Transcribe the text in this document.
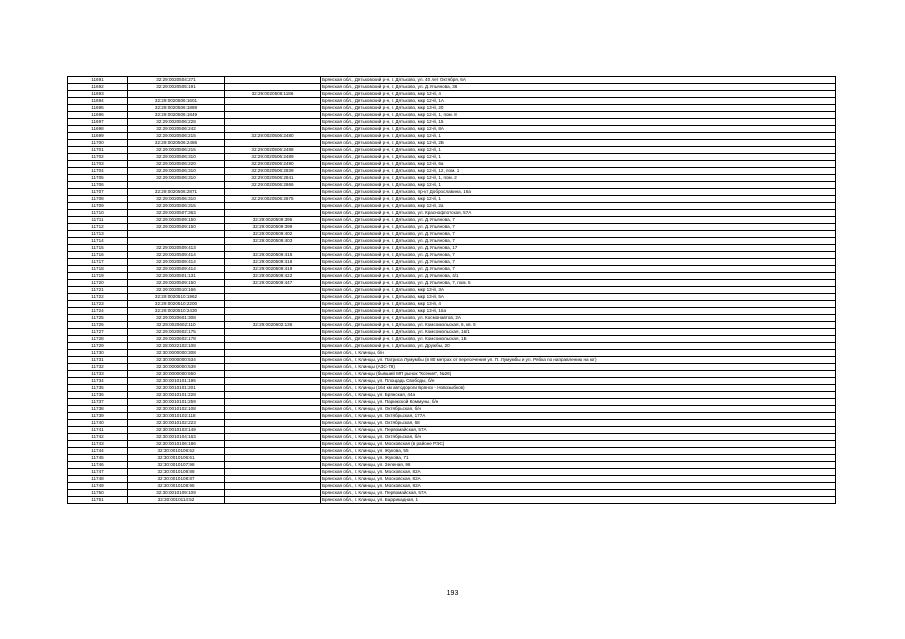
11691	32:29:0020504:271		Брянская обл., Дятьковский р-н, г. Дятьково, ул. 40 лет Октября, 6А
11692	32:29:0020505:191		Брянская обл., Дятьковский р-н, г. Дятьково, ул. Д.Ульянова, 36
11693		32:29:0020506:1186	Брянская обл., Дятьковский р-н, г. Дятьково, мкр 12-й, 4
11694	32:29:0020506:1601		Брянская обл., Дятьковский р-н, г. Дятьково, мкр 12-й, 1А
11695	32:29:0020506:1889		Брянская обл., Дятьковский р-н, г. Дятьково, мкр 13-й, 20
11696	32:29:0020506:1849		Брянская обл., Дятьковский р-н, г. Дятьково, мкр 12-й, 1, пом. 8
11697	32:29:0020506:228		Брянская обл., Дятьковский р-н, г. Дятьково, мкр 12-й, 15
11698	32:29:0020506:242		Брянская обл., Дятьковский р-н, г. Дятьково, мкр 12-й, 8А
11699	32:29:0020506:215	32:29:0020506:2480	Брянская обл., Дятьковский р-н, г. Дятьково, мкр 12-й, 1
11700	32:29:0020506:2486		Брянская обл., Дятьковский р-н, г. Дятьково, мкр 12-й, 2Б
11701	32:29:0020506:215	32:29:0020506:2488	Брянская обл., Дятьковский р-н, г. Дятьково, мкр 12-й, 1
11702	32:29:0020506:310	32:29:0020506:2489	Брянская обл., Дятьковский р-н, г. Дятьково, мкр 12-й, 1
11703	32:29:0020506:220	32:29:0020506:2490	Брянская обл., Дятьковский р-н, г. Дятьково, мкр 12-й, 6а
11704	32:29:0020506:310	32:29:0020506:2839	Брянская обл., Дятьковский р-н, г. Дятьково, мкр 12-й, 12, пом. 1
11705	32:29:0020506:310	32:29:0020506:2841	Брянская обл., Дятьковский р-н, г. Дятьково, мкр 12-й, 1, пом. 2
11706		32:29:0020506:2866	Брянская обл., Дятьковский р-н, г. Дятьково, мкр 12-й, 1
11707	32:29:0020506:2871		Брянская обл., Дятьковский р-н, г. Дятьково, пр-кт Доброславина, 16а
11708	32:29:0020506:310	32:29:0020506:2875	Брянская обл., Дятьковский р-н, г. Дятьково, мкр 12-й, 1
11709	32:29:0020506:315		Брянская обл., Дятьковский р-н, г. Дятьково, мкр 12-й, 2а
11710	32:29:0020507:363		Брянская обл., Дятьковский р-н, г. Дятьково, ул. Краснофлотская, 57А
11711	32:29:0020509:150	32:29:0020509:395	Брянская обл., Дятьковский р-н, г. Дятьково, ул. Д.Ульянова, 7
11712	32:29:0020509:150	32:29:0020509:399	Брянская обл., Дятьковский р-н, г. Дятьково, ул. Д.Ульянова, 7
11713		32:29:0020509:402	Брянская обл., Дятьковский р-н, г. Дятьково, ул. Д.Ульянова, 7
11714		32:29:0020509:403	Брянская обл., Дятьковский р-н, г. Дятьково, ул. Д.Ульянова, 7
11715	32:29:0020509:413		Брянская обл., Дятьковский р-н, г. Дятьково, ул. Д.Ульянова, 17
11716	32:29:0020509:414	32:29:0020509:415	Брянская обл., Дятьковский р-н, г. Дятьково, ул. Д.Ульянова, 7
11717	32:29:0020509:414	32:29:0020509:418	Брянская обл., Дятьковский р-н, г. Дятьково, ул. Д.Ульянова, 7
11718	32:29:0020509:414	32:29:0020509:419	Брянская обл., Дятьковский р-н, г. Дятьково, ул. Д.Ульянова, 7
11719	32:29:0020501:131	32:29:0020509:422	Брянская обл., Дятьковский р-н, г. Дятьково, ул. Д.Ульянова, 4/1
11720	32:29:0020509:150	32:29:0020509:447	Брянская обл., Дятьковский р-н, г. Дятьково, ул. Д.Ульянова, 7, пом. 5
11721	32:29:0020510:166		Брянская обл., Дятьковский р-н, г. Дятьково, мкр 13-й, 3А
11722	32:29:0020510:1962		Брянская обл., Дятьковский р-н, г. Дятьково, мкр 13-й, 5А
11723	32:29:0020510:2200		Брянская обл., Дятьковский р-н, г. Дятьково, мкр 13-й, 4
11724	32:29:0020510:2430		Брянская обл., Дятьковский р-н, г. Дятьково, мкр 13-й, 15а
11725	32:29:0020601:308		Брянская обл., Дятьковский р-н, г. Дятьково, ул. Космонавтов, 2А
11726	32:29:0020602:110	32:29:0020602:136	Брянская обл., Дятьковский р-н, г. Дятьково, ул. Комсомольская, 6, кв. 5
11727	32:29:0020602:175		Брянская обл., Дятьковский р-н, г. Дятьково, ул. Комсомольская, 1в/1
11728	32:29:0020602:178		Брянская обл., Дятьковский р-н, г. Дятьково, ул. Комсомольская, 1Б
11729	32:28:0022102:108		Брянская обл., Дятьковский р-н, г. Дятьково, ул. Дружбы, 20
11730	32:30:0000000:308		Брянская обл., г. Клинцы, б/н
11731	32:30:0000000:534		Брянская обл., г. Клинцы, ул. Патриса Лумумбы (в 80 метрах от пересечения ул. П. Лумумбы и ул. Рябка по направлению на юг)
11732	32:30:0000000:539		Брянская обл., г. Клинцы (АЗС-78)
11733	32:30:0000000:550		Брянская обл., г. Клинцы (бывший МП рынок "Ксения", №26)
11734	32:30:0010101:195		Брянская обл., г. Клинцы, ул. Площадь Свободы, б/н
11735	32:30:0010101:201		Брянская обл., г. Клинцы (164 км автодороги Брянск - Новозыбков)
11736	32:30:0010101:228		Брянская обл., г. Клинцы, ул. Брянская, 44а
11737	32:30:0010101:259		Брянская обл., г. Клинцы, ул. Парижской Коммуны, б/н
11738	32:30:0010102:108		Брянская обл., г. Клинцы, ул. Октябрьская, б/н
11739	32:30:0010102:118		Брянская обл., г. Клинцы, ул. Октябрьская, 177А
11740	32:30:0010102:223		Брянская обл., г. Клинцы, ул. Октябрьская, 68
11741	32:30:0010103:149		Брянская обл., г. Клинцы, ул. Первомайская, 57А
11742	32:30:0010104:163		Брянская обл., г. Клинцы, ул. Октябрьская, б/н
11743	32:30:0010106:186		Брянская обл., г. Клинцы, ул. Московская (в районе РЭС)
11744	32:30:0010106:52		Брянская обл., г. Клинцы, ул. Жукова, 55
11745	32:30:0010106:61		Брянская обл., г. Клинцы, ул. Жукова, 71
11746	32:30:0010107:98		Брянская обл., г. Клинцы, ул. Зеленая, 96
11747	32:30:0010108:88		Брянская обл., г. Клинцы, ул. Московская, 82А
11748	32:30:0010108:87		Брянская обл., г. Клинцы, ул. Московская, 82А
11749	32:30:0010108:95		Брянская обл., г. Клинцы, ул. Московская, 82А
11750	32:30:0010109:109		Брянская обл., г. Клинцы, ул. Первомайская, 57А
11751	32:30:0010114:52		Брянская обл., г. Клинцы, ул. Баррикадная, 1
193
